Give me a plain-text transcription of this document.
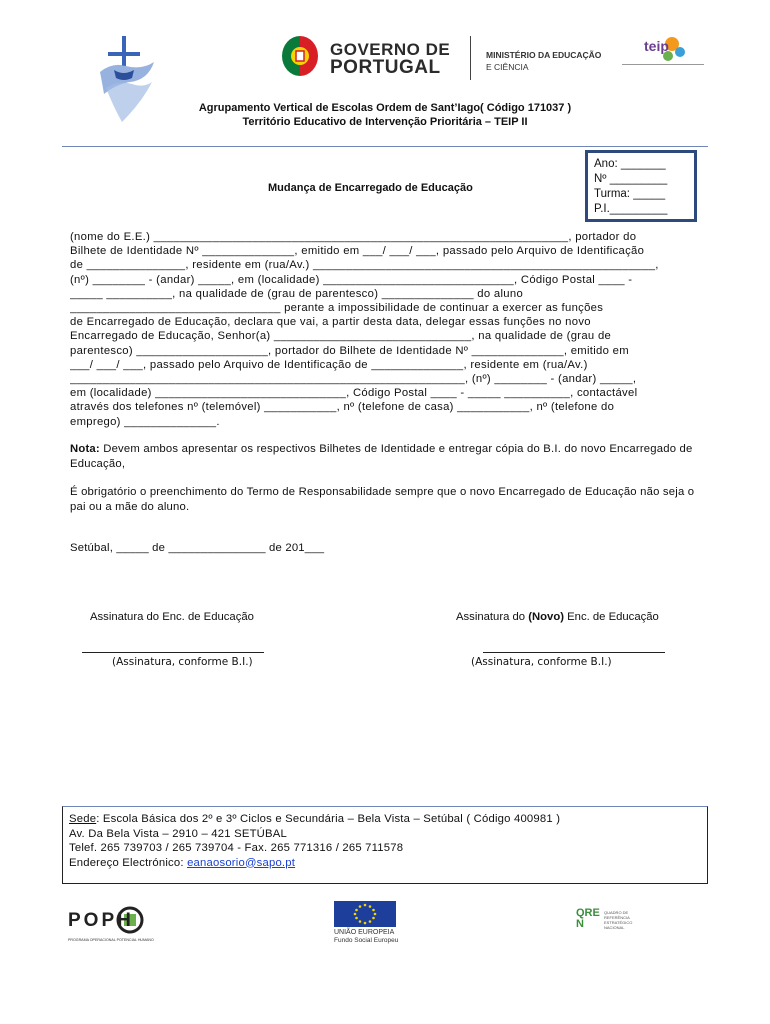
GOVERNO DE
PORTUGAL
MINISTÉRIO DA EDUCAÇÃO
E CIÊNCIA
teip
Agrupamento Vertical de Escolas Ordem de Sant’Iago( Código 171037 )
Território Educativo de Intervenção Prioritária – TEIP II
Ano: _______
Nº _________
Turma: _____
P.I._________
Mudança de Encarregado de Educação
(nome do E.E.) _______________________________________________________________, portador do
Bilhete de Identidade Nº ______________, emitido em ___/ ___/ ___, passado pelo Arquivo de Identificação
de _______________, residente em (rua/Av.) ____________________________________________________,
(nº) ________ - (andar) _____, em (localidade) _____________________________, Código Postal ____ -
_____ __________, na qualidade de (grau de parentesco) ______________ do aluno
________________________________ perante a impossibilidade de continuar a exercer as funções
de Encarregado de Educação, declara que vai, a partir desta data, delegar essas funções no novo
Encarregado de Educação, Senhor(a) ______________________________, na qualidade de (grau de
parentesco) ____________________, portador do Bilhete de Identidade Nº ______________, emitido em
___/ ___/ ___, passado pelo Arquivo de Identificação de ______________, residente em (rua/Av.)
____________________________________________________________, (nº) ________ - (andar) _____,
em (localidade) _____________________________, Código Postal ____ - _____ __________, contactável
através dos telefones nº (telemóvel) ___________, nº (telefone de casa) ___________, nº (telefone do
emprego) ______________.
Nota: Devem ambos apresentar os respectivos Bilhetes de Identidade e entregar cópia do B.I. do novo Encarregado de Educação,
É obrigatório o preenchimento do Termo de Responsabilidade sempre que o novo Encarregado de Educação não seja o pai ou a mãe do aluno.
Setúbal, _____ de _______________ de 201___
Assinatura do Enc. de Educação	Assinatura do (Novo) Enc. de Educação
(Assinatura, conforme B.I.)	(Assinatura, conforme B.I.)
Sede: Escola Básica dos 2º e 3º Ciclos e Secundária – Bela Vista – Setúbal ( Código 400981 )
Av. Da Bela Vista – 2910 – 421 SETÚBAL
Telef. 265 739703 / 265 739704 - Fax. 265 771316 / 265 711578
Endereço Electrónico: eanaosorio@sapo.pt
POPH
PROGRAMA OPERACIONAL POTENCIAL HUMANO
UNIÃO EUROPEIA
Fundo Social Europeu
QREN
QUADRO DE REFERÊNCIA ESTRATÉGICO NACIONAL
